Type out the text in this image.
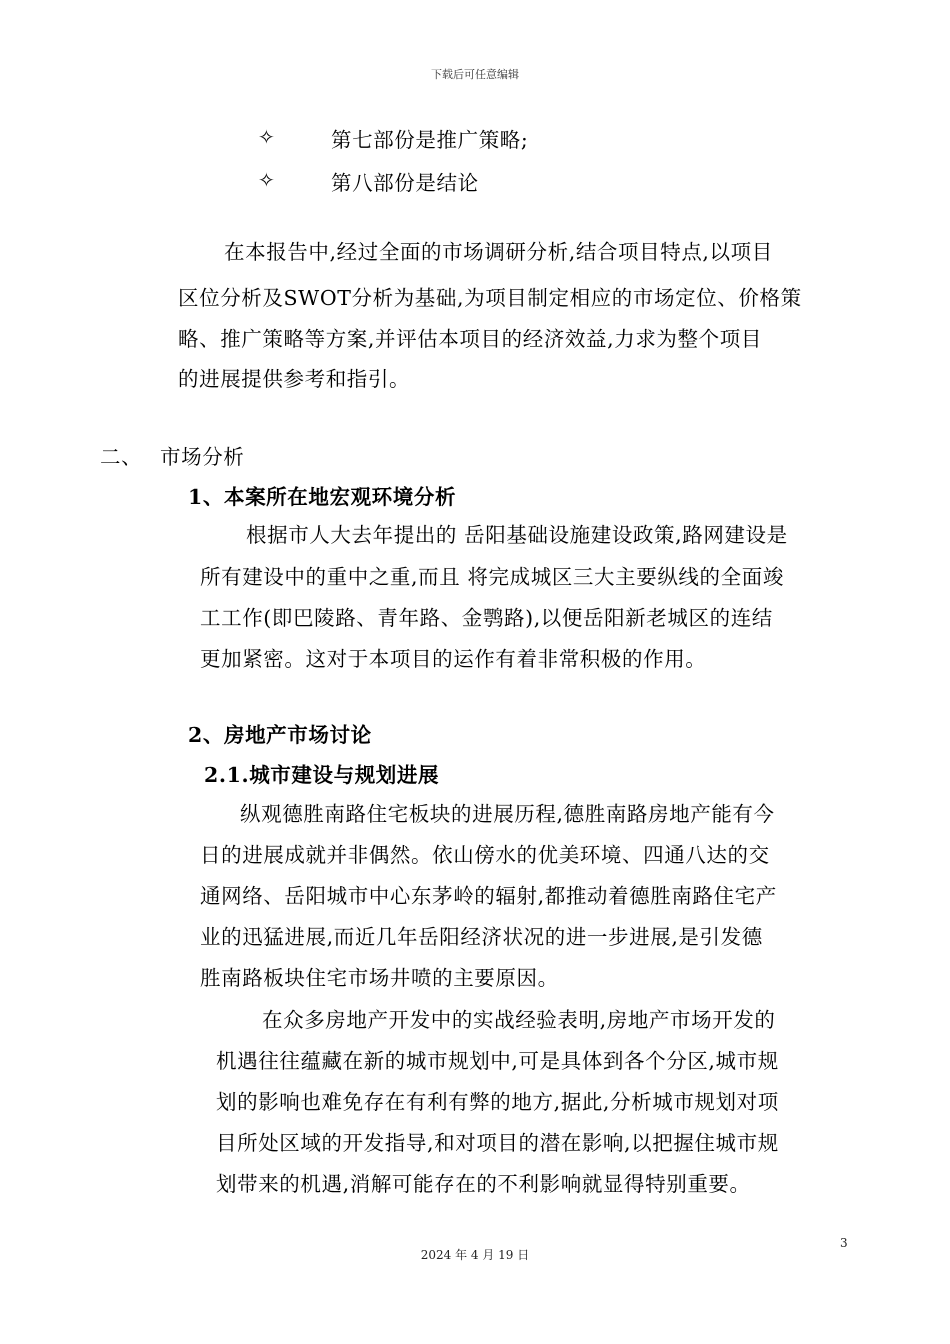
下载后可任意编辑
✧	第七部份是推广策略;
✧	第八部份是结论
在本报告中,经过全面的市场调研分析,结合项目特点,以项目
区位分析及SWOT分析为基础,为项目制定相应的市场定位、价格策
略、推广策略等方案,并评估本项目的经济效益,力求为整个项目
的进展提供参考和指引。
二、 市场分析
1、本案所在地宏观环境分析
根据市人大去年提出的 岳阳基础设施建设政策,路网建设是
所有建设中的重中之重,而且 将完成城区三大主要纵线的全面竣
工工作(即巴陵路、青年路、金鹗路),以便岳阳新老城区的连结
更加紧密。这对于本项目的运作有着非常积极的作用。
2、房地产市场讨论
2.1.城市建设与规划进展
纵观德胜南路住宅板块的进展历程,德胜南路房地产能有今
日的进展成就并非偶然。依山傍水的优美环境、四通八达的交
通网络、岳阳城市中心东茅岭的辐射,都推动着德胜南路住宅产
业的迅猛进展,而近几年岳阳经济状况的进一步进展,是引发德
胜南路板块住宅市场井喷的主要原因。
在众多房地产开发中的实战经验表明,房地产市场开发的
机遇往往蕴藏在新的城市规划中,可是具体到各个分区,城市规
划的影响也难免存在有利有弊的地方,据此,分析城市规划对项
目所处区域的开发指导,和对项目的潜在影响,以把握住城市规
划带来的机遇,消解可能存在的不利影响就显得特别重要。
3
2024 年 4 月 19 日
